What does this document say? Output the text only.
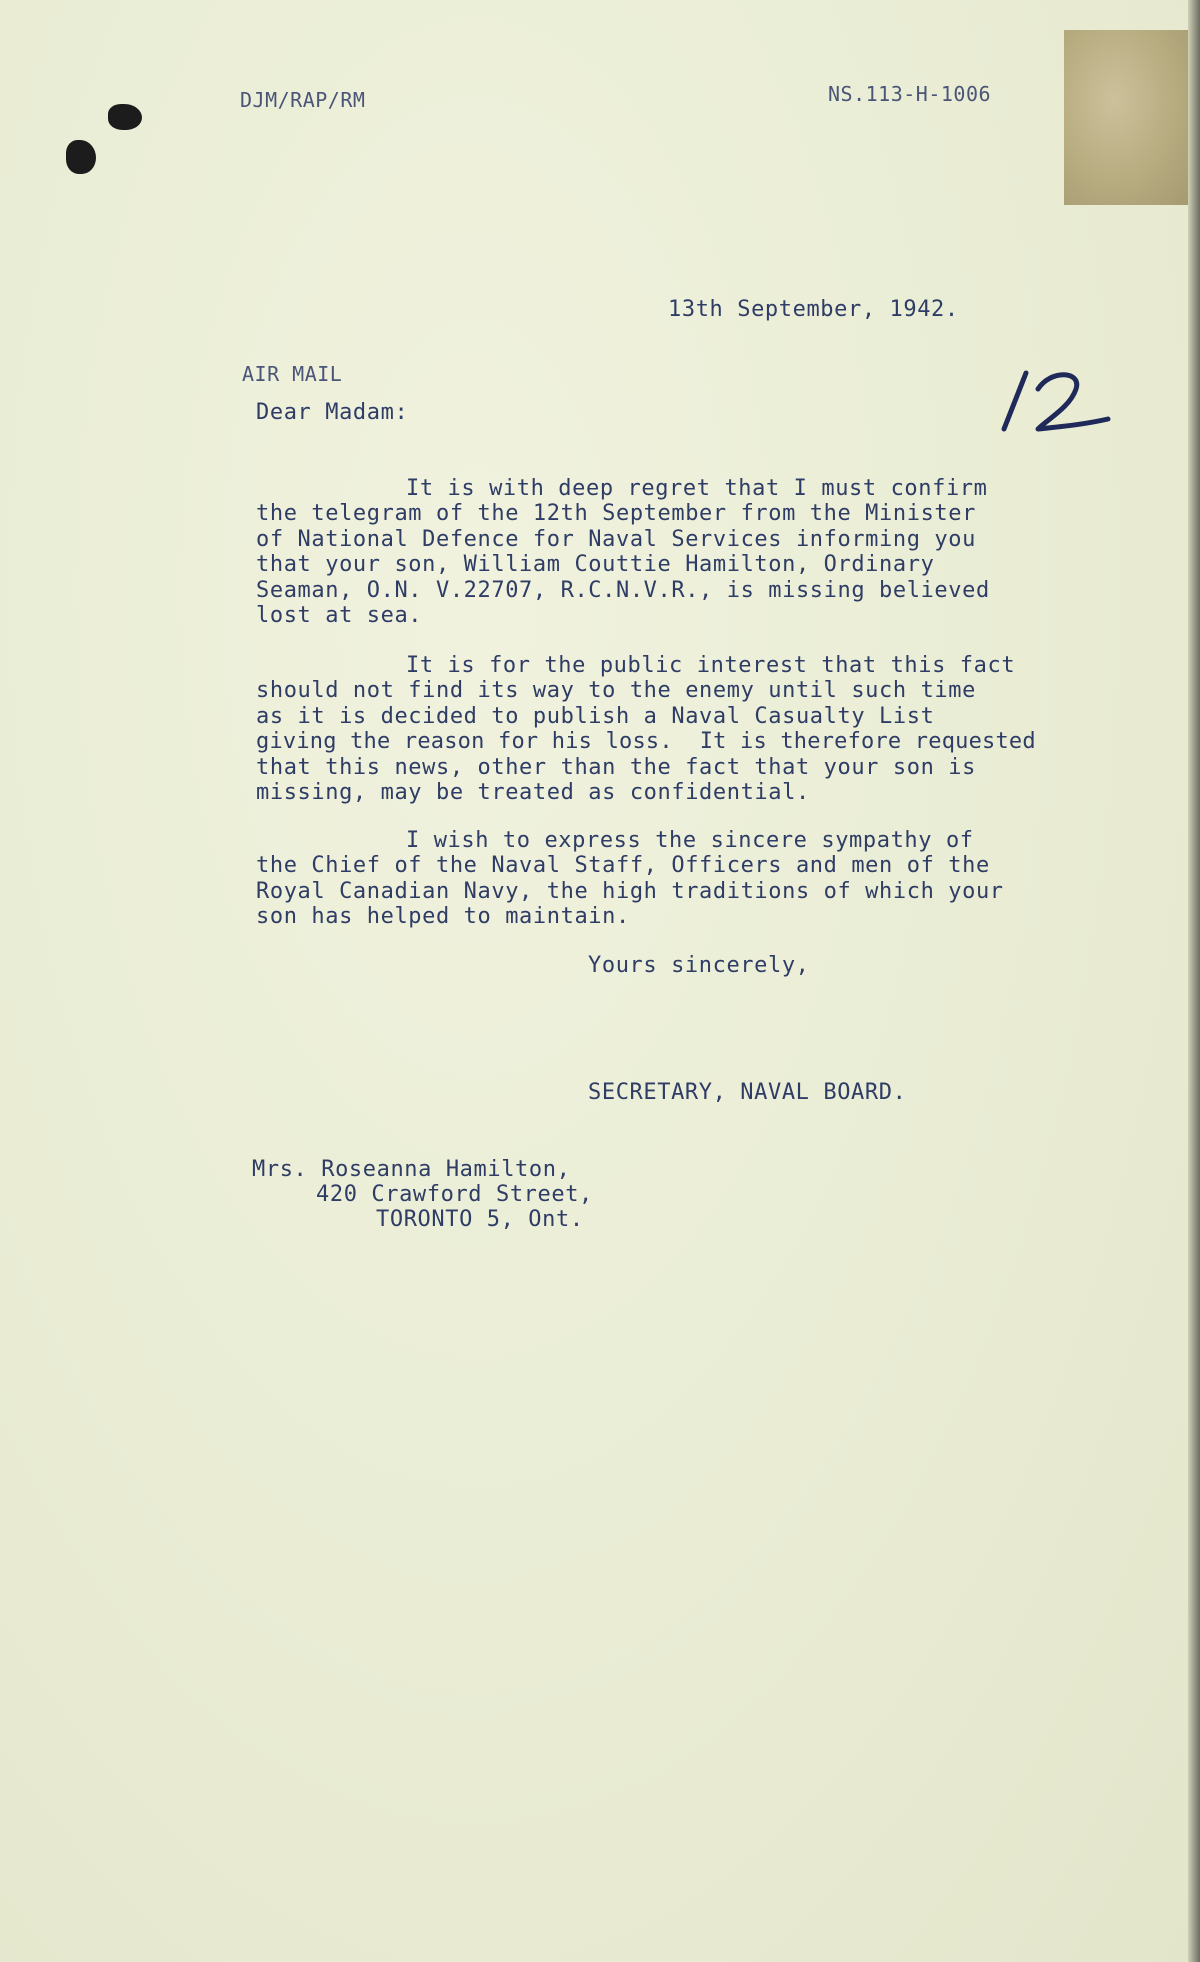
DJM/RAP/RM	NS.113-H-1006
13th September, 1942.
AIR MAIL
Dear Madam:
It is with deep regret that I must confirm
the telegram of the 12th September from the Minister
of National Defence for Naval Services informing you
that your son, William Couttie Hamilton, Ordinary
Seaman, O.N. V.22707, R.C.N.V.R., is missing believed
lost at sea.
It is for the public interest that this fact
should not find its way to the enemy until such time
as it is decided to publish a Naval Casualty List
giving the reason for his loss.  It is therefore requested
that this news, other than the fact that your son is
missing, may be treated as confidential.
I wish to express the sincere sympathy of
the Chief of the Naval Staff, Officers and men of the
Royal Canadian Navy, the high traditions of which your
son has helped to maintain.
Yours sincerely,
SECRETARY, NAVAL BOARD.
Mrs. Roseanna Hamilton,
420 Crawford Street,
TORONTO 5, Ont.
